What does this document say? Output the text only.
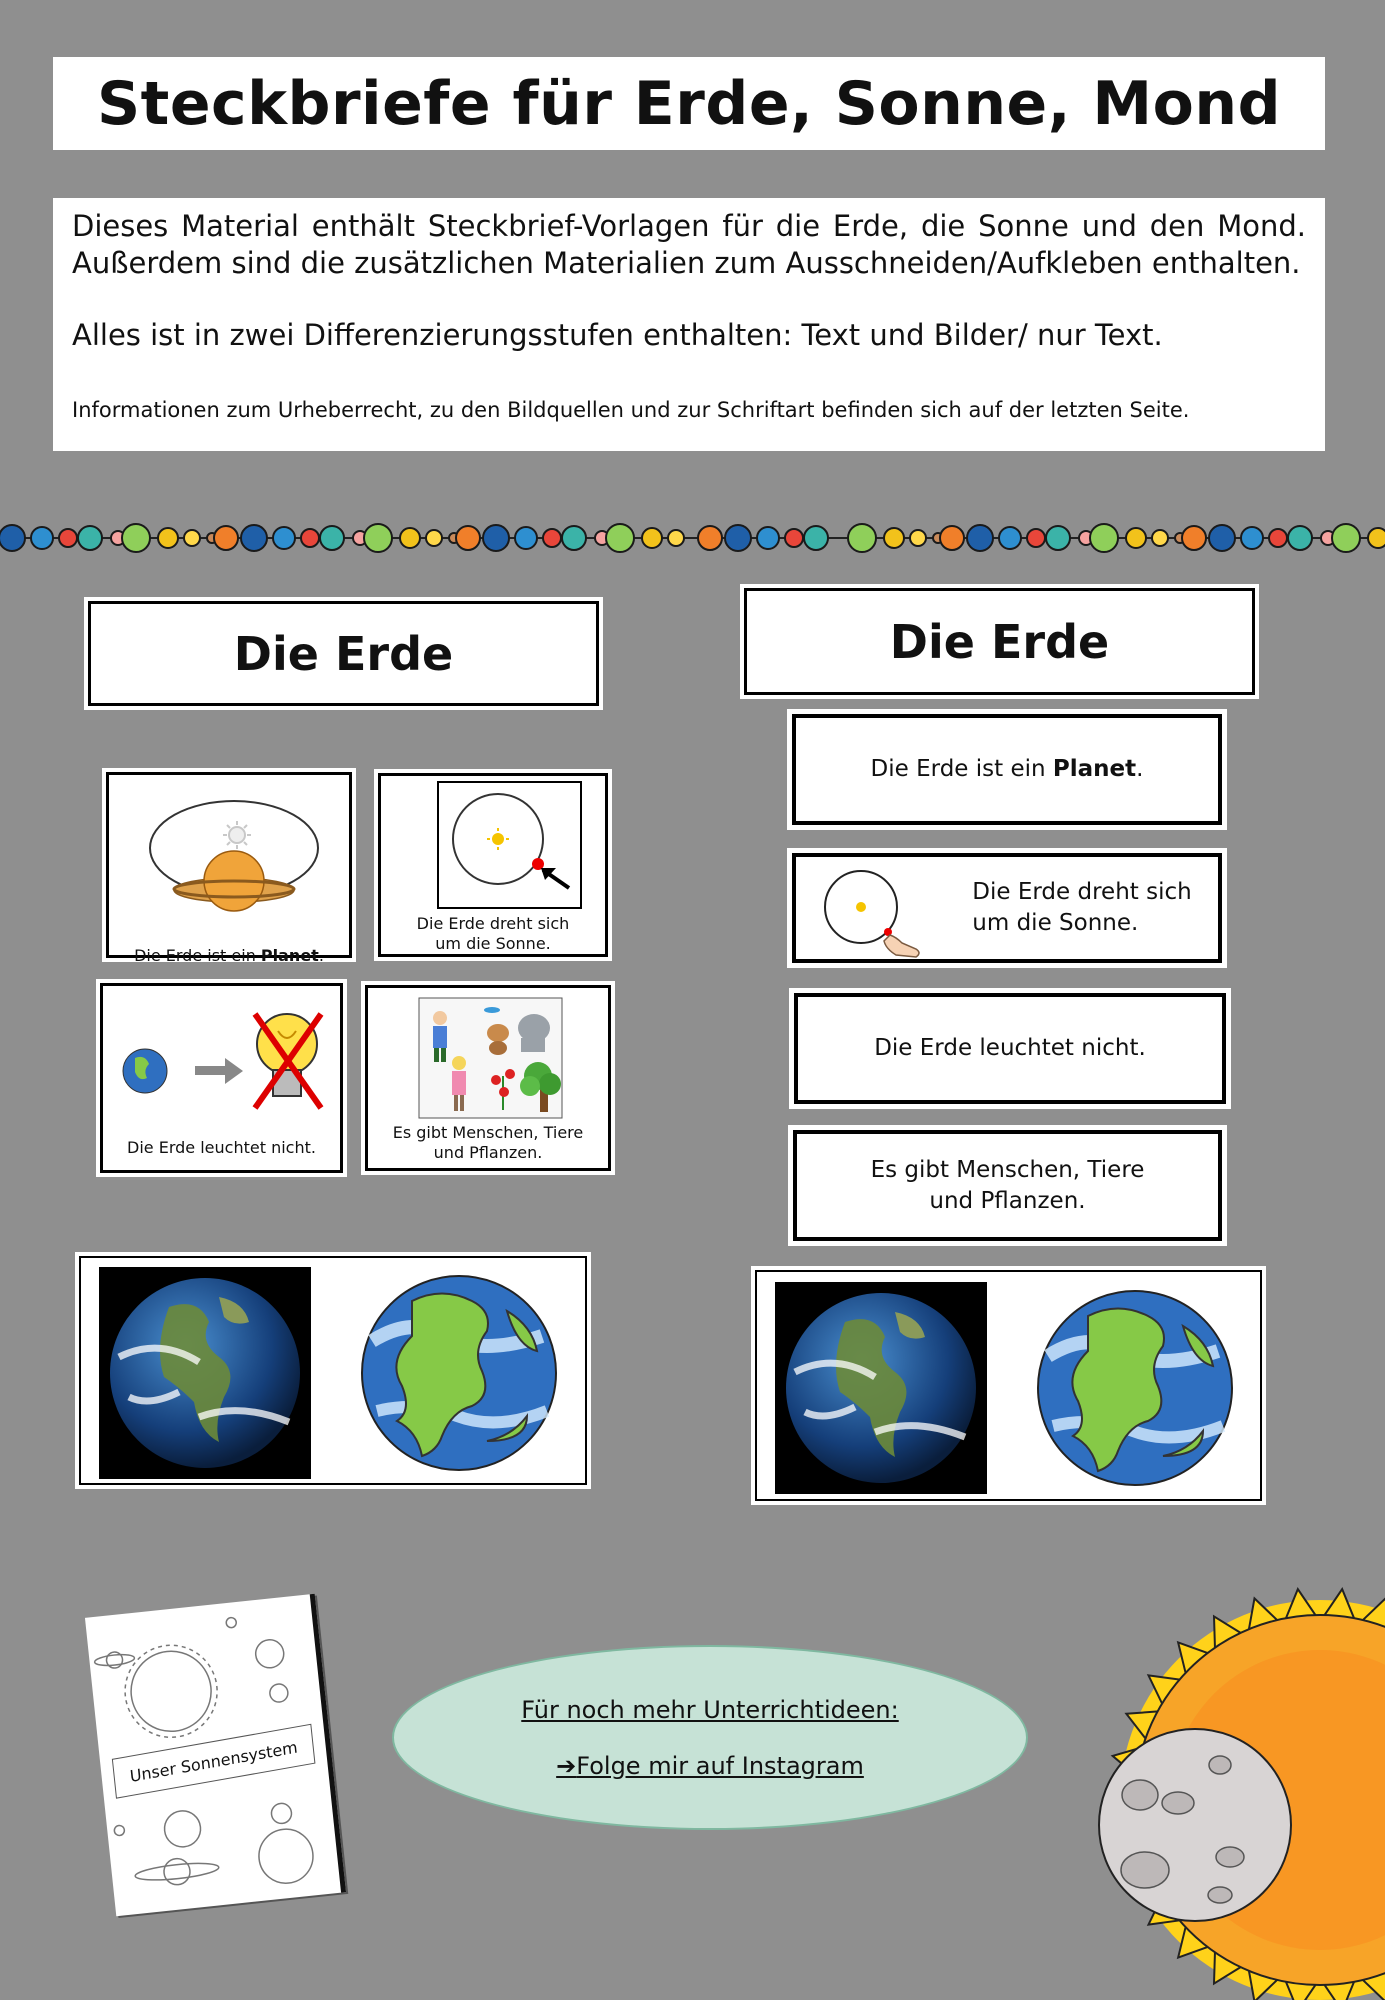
Steckbriefe für Erde, Sonne, Mond

Dieses Material enthält Steckbrief-Vorlagen für die Erde, die Sonne und den Mond. Außerdem sind die zusätzlichen Materialien zum Ausschneiden/Aufkleben enthalten.

Alles ist in zwei Differenzierungsstufen enthalten: Text und Bilder/ nur Text.

Informationen zum Urheberrecht, zu den Bildquellen und zur Schriftart befinden sich auf der letzten Seite.

Die Erde

Die Erde ist ein Planet.

Die Erde dreht sich
um die Sonne.
Die Erde leuchtet nicht.
Es gibt Menschen, Tiere
und Pflanzen.
Die Erde
Die Erde ist ein Planet.
Die Erde dreht sich
um die Sonne.
Die Erde leuchtet nicht.
Es gibt Menschen, Tiere
und Pflanzen.
Unser Sonnensystem
Für noch mehr Unterrichtideen:
➔Folge mir auf Instagram
